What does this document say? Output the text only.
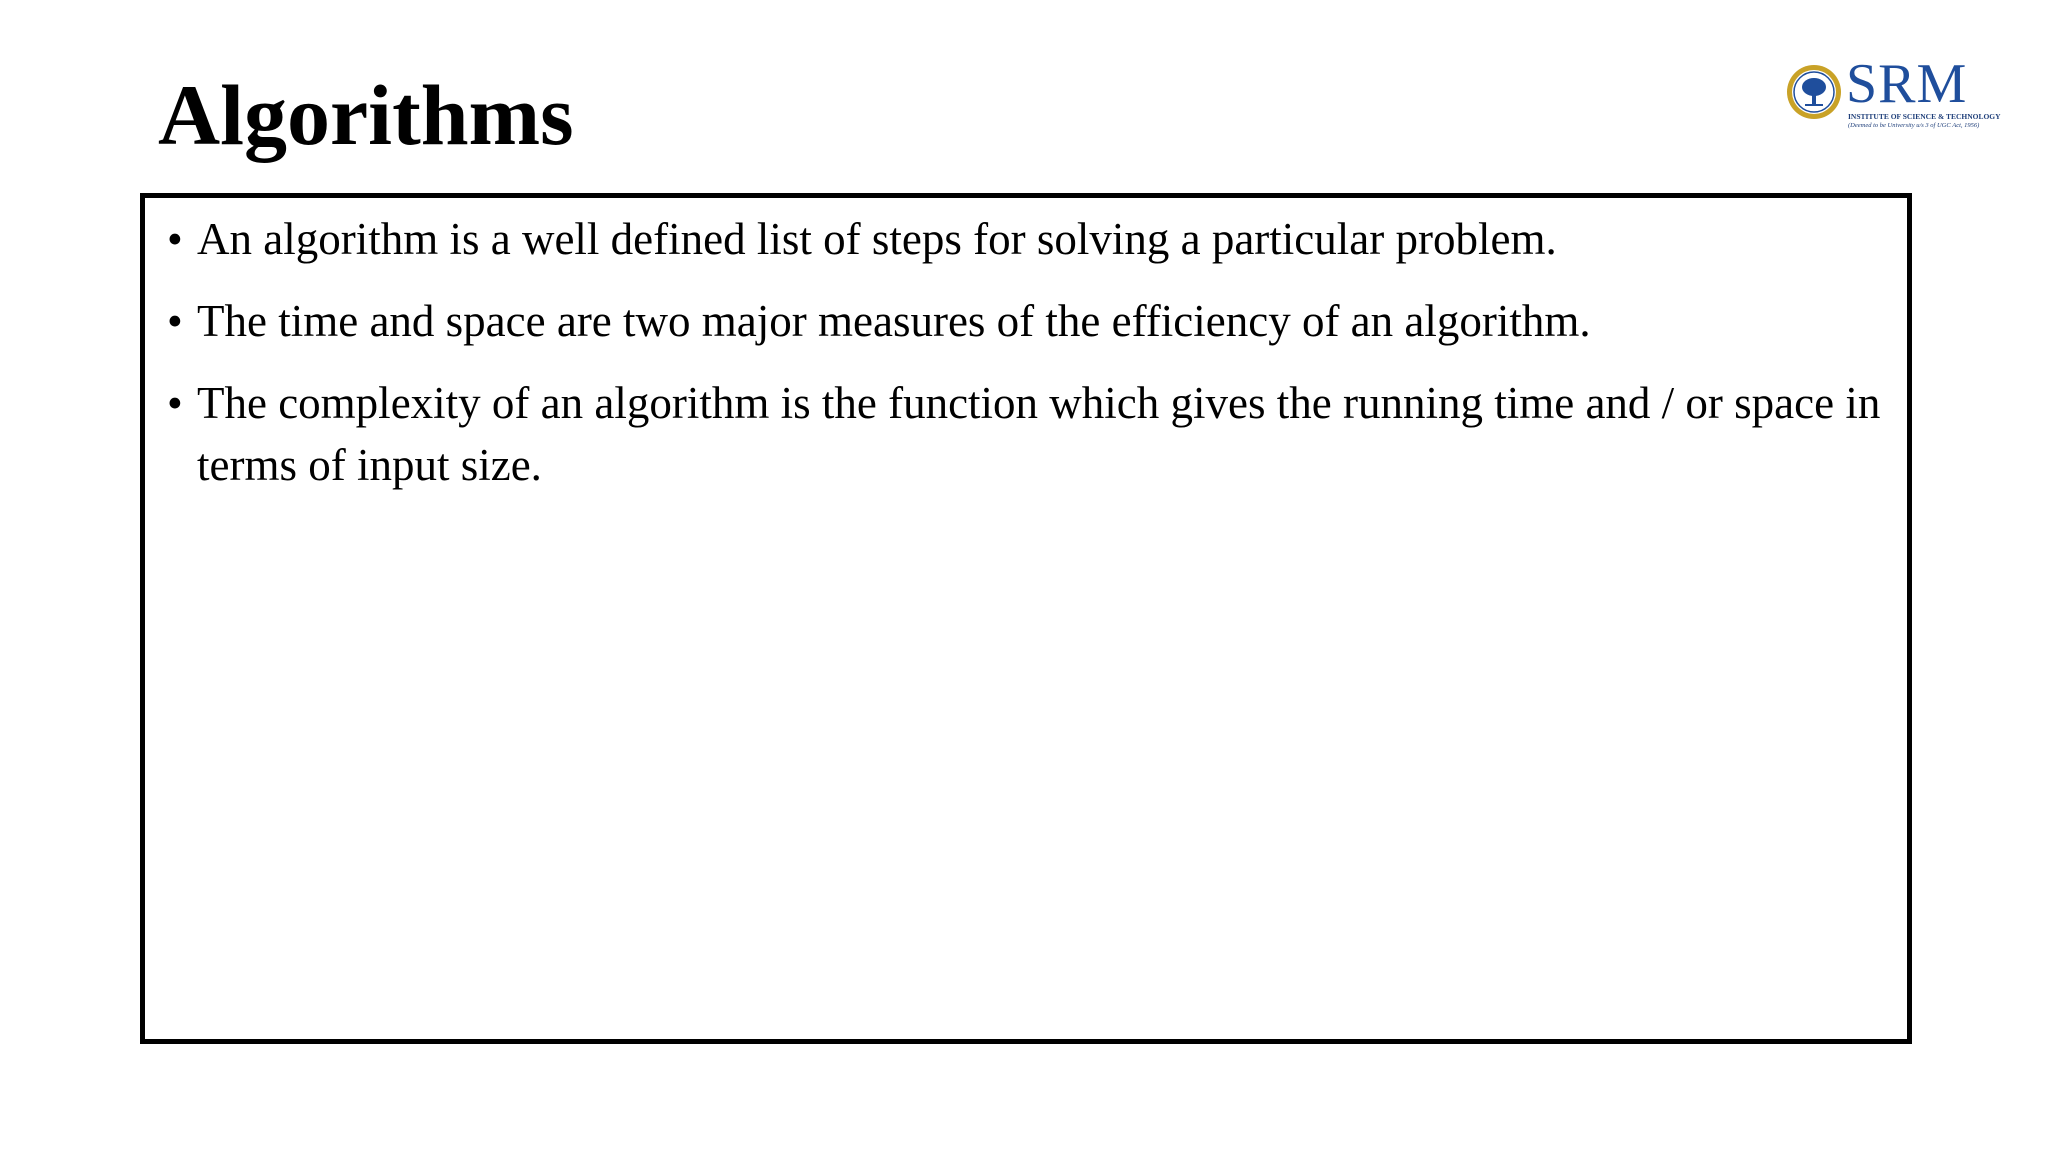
Algorithms	SRM
INSTITUTE OF SCIENCE & TECHNOLOGY
(Deemed to be University u/s 3 of UGC Act, 1956)
• An algorithm is a well defined list of steps for solving a particular problem.
• The time and space are two major measures of the efficiency of an algorithm.
• The complexity of an algorithm is the function which gives the running time and / or space in terms of input size.
